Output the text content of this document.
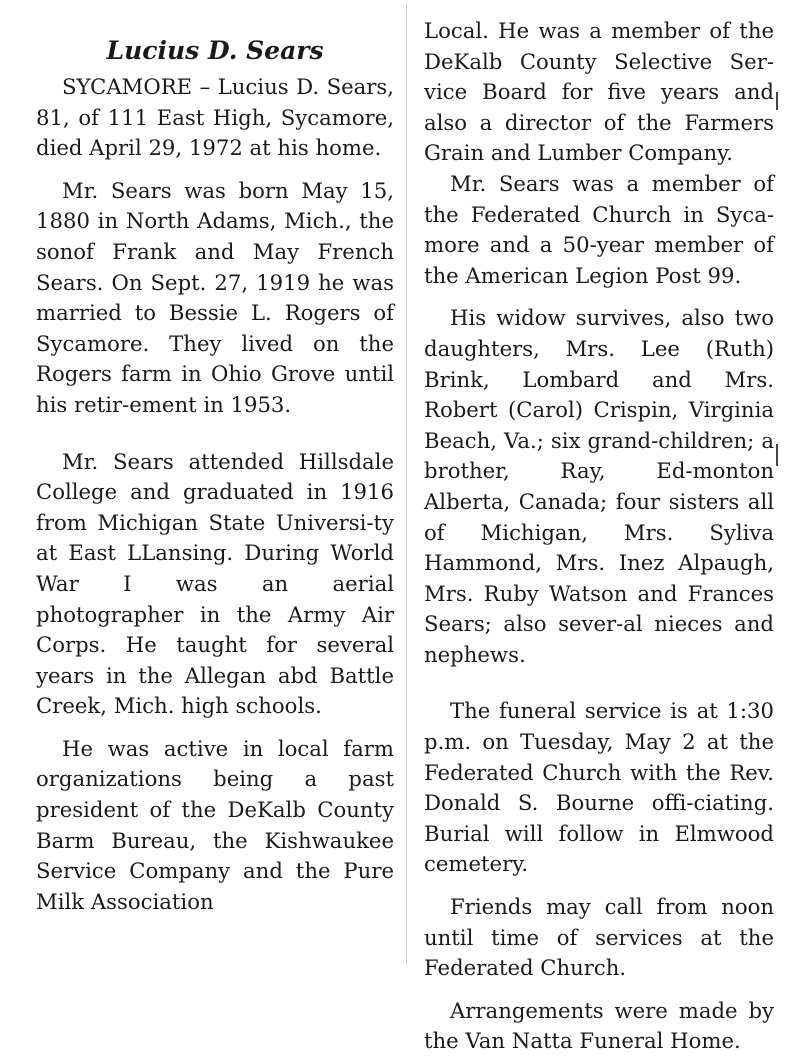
Lucius D. Sears

SYCAMORE – Lucius D. Sears, 81, of 111 East High, Sycamore, died April 29, 1972 at his home.

Mr. Sears was born May 15, 1880 in North Adams, Mich., the sonof Frank and May French Sears. On Sept. 27, 1919 he was married to Bessie L. Rogers of Sycamore. They lived on the Rogers farm in Ohio Grove until his retir-ement in 1953.

Mr. Sears attended Hillsdale College and graduated in 1916 from Michigan State Universi-ty at East LLansing. During World War I was an aerial photographer in the Army Air Corps. He taught for several years in the Allegan abd Battle Creek, Mich. high schools.

He was active in local farm organizations being a past president of the DeKalb County Barm Bureau, the Kishwaukee Service Company and the Pure Milk Association

Local. He was a member of the DeKalb County Selective Ser-vice Board for five years and also a director of the Farmers Grain and Lumber Company.

Mr. Sears was a member of the Federated Church in Syca-more and a 50-year member of the American Legion Post 99.

His widow survives, also two daughters, Mrs. Lee (Ruth) Brink, Lombard and Mrs. Robert (Carol) Crispin, Virginia Beach, Va.; six grand-children; a brother, Ray, Ed-monton Alberta, Canada; four sisters all of Michigan, Mrs. Syliva Hammond, Mrs. Inez Alpaugh, Mrs. Ruby Watson and Frances Sears; also sever-al nieces and nephews.

The funeral service is at 1:30 p.m. on Tuesday, May 2 at the Federated Church with the Rev. Donald S. Bourne offi-ciating. Burial will follow in Elmwood cemetery.

Friends may call from noon until time of services at the Federated Church.

Arrangements were made by the Van Natta Funeral Home.
